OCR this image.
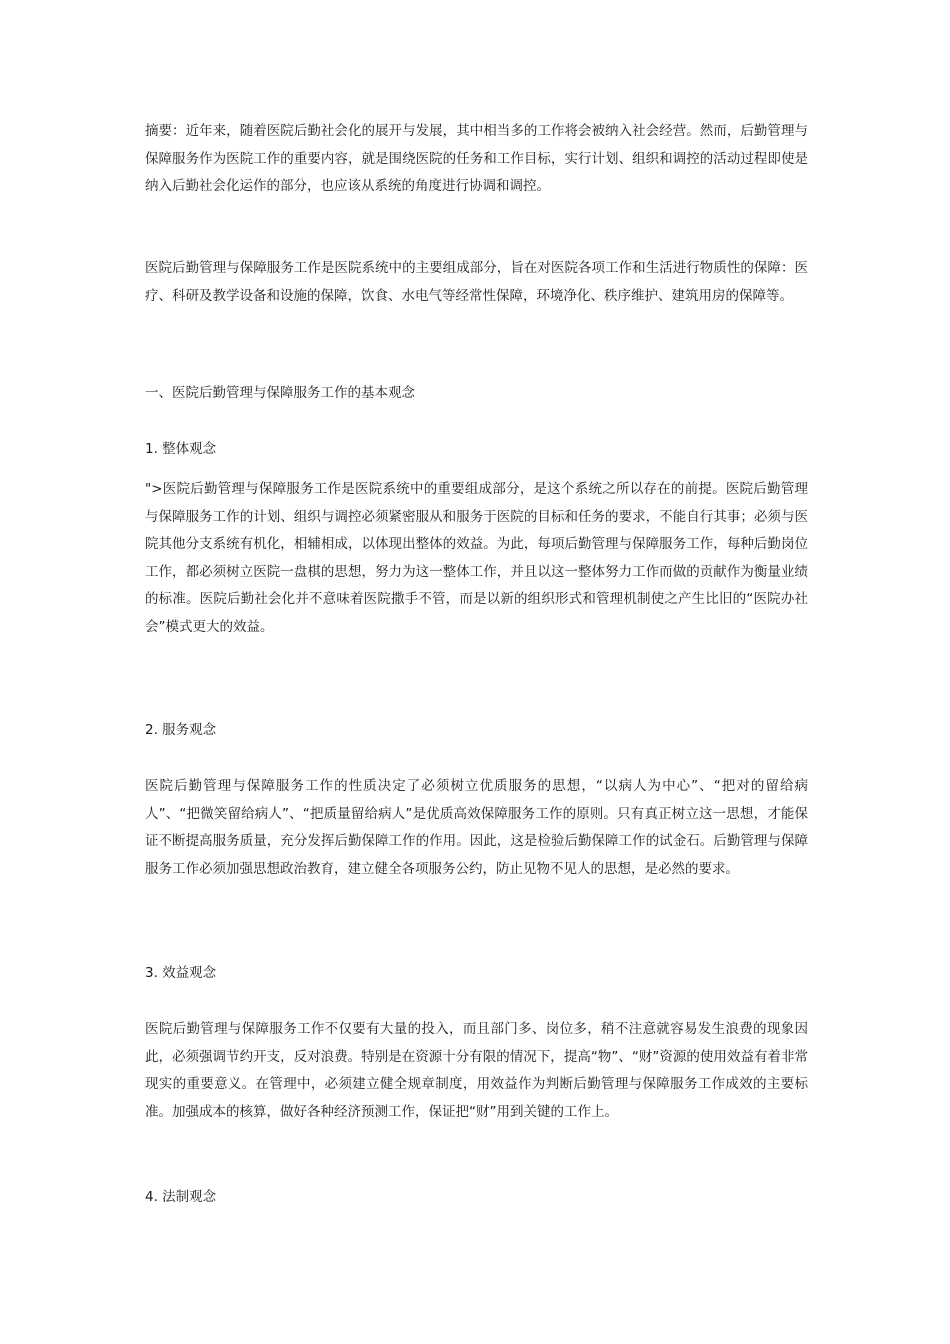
摘要：近年来，随着医院后勤社会化的展开与发展，其中相当多的工作将会被纳入社会经营。然而，后勤管理与保障服务作为医院工作的重要内容，就是围绕医院的任务和工作目标，实行计划、组织和调控的活动过程即使是纳入后勤社会化运作的部分，也应该从系统的角度进行协调和调控。

医院后勤管理与保障服务工作是医院系统中的主要组成部分，旨在对医院各项工作和生活进行物质性的保障：医疗、科研及教学设备和设施的保障，饮食、水电气等经常性保障，环境净化、秩序维护、建筑用房的保障等。

一、医院后勤管理与保障服务工作的基本观念

1. 整体观念

">医院后勤管理与保障服务工作是医院系统中的重要组成部分，是这个系统之所以存在的前提。医院后勤管理与保障服务工作的计划、组织与调控必须紧密服从和服务于医院的目标和任务的要求，不能自行其事；必须与医院其他分支系统有机化，相辅相成，以体现出整体的效益。为此，每项后勤管理与保障服务工作，每种后勤岗位工作，都必须树立医院一盘棋的思想，努力为这一整体工作，并且以这一整体努力工作而做的贡献作为衡量业绩的标准。医院后勤社会化并不意味着医院撒手不管，而是以新的组织形式和管理机制使之产生比旧的“医院办社会”模式更大的效益。

2. 服务观念

医院后勤管理与保障服务工作的性质决定了必须树立优质服务的思想，“以病人为中心”、“把对的留给病人”、“把微笑留给病人”、“把质量留给病人”是优质高效保障服务工作的原则。只有真正树立这一思想，才能保证不断提高服务质量，充分发挥后勤保障工作的作用。因此，这是检验后勤保障工作的试金石。后勤管理与保障服务工作必须加强思想政治教育，建立健全各项服务公约，防止见物不见人的思想，是必然的要求。

3. 效益观念

医院后勤管理与保障服务工作不仅要有大量的投入，而且部门多、岗位多，稍不注意就容易发生浪费的现象因此，必须强调节约开支，反对浪费。特别是在资源十分有限的情况下，提高“物”、“财”资源的使用效益有着非常现实的重要意义。在管理中，必须建立健全规章制度，用效益作为判断后勤管理与保障服务工作成效的主要标准。加强成本的核算，做好各种经济预测工作，保证把“财”用到关键的工作上。

4. 法制观念
